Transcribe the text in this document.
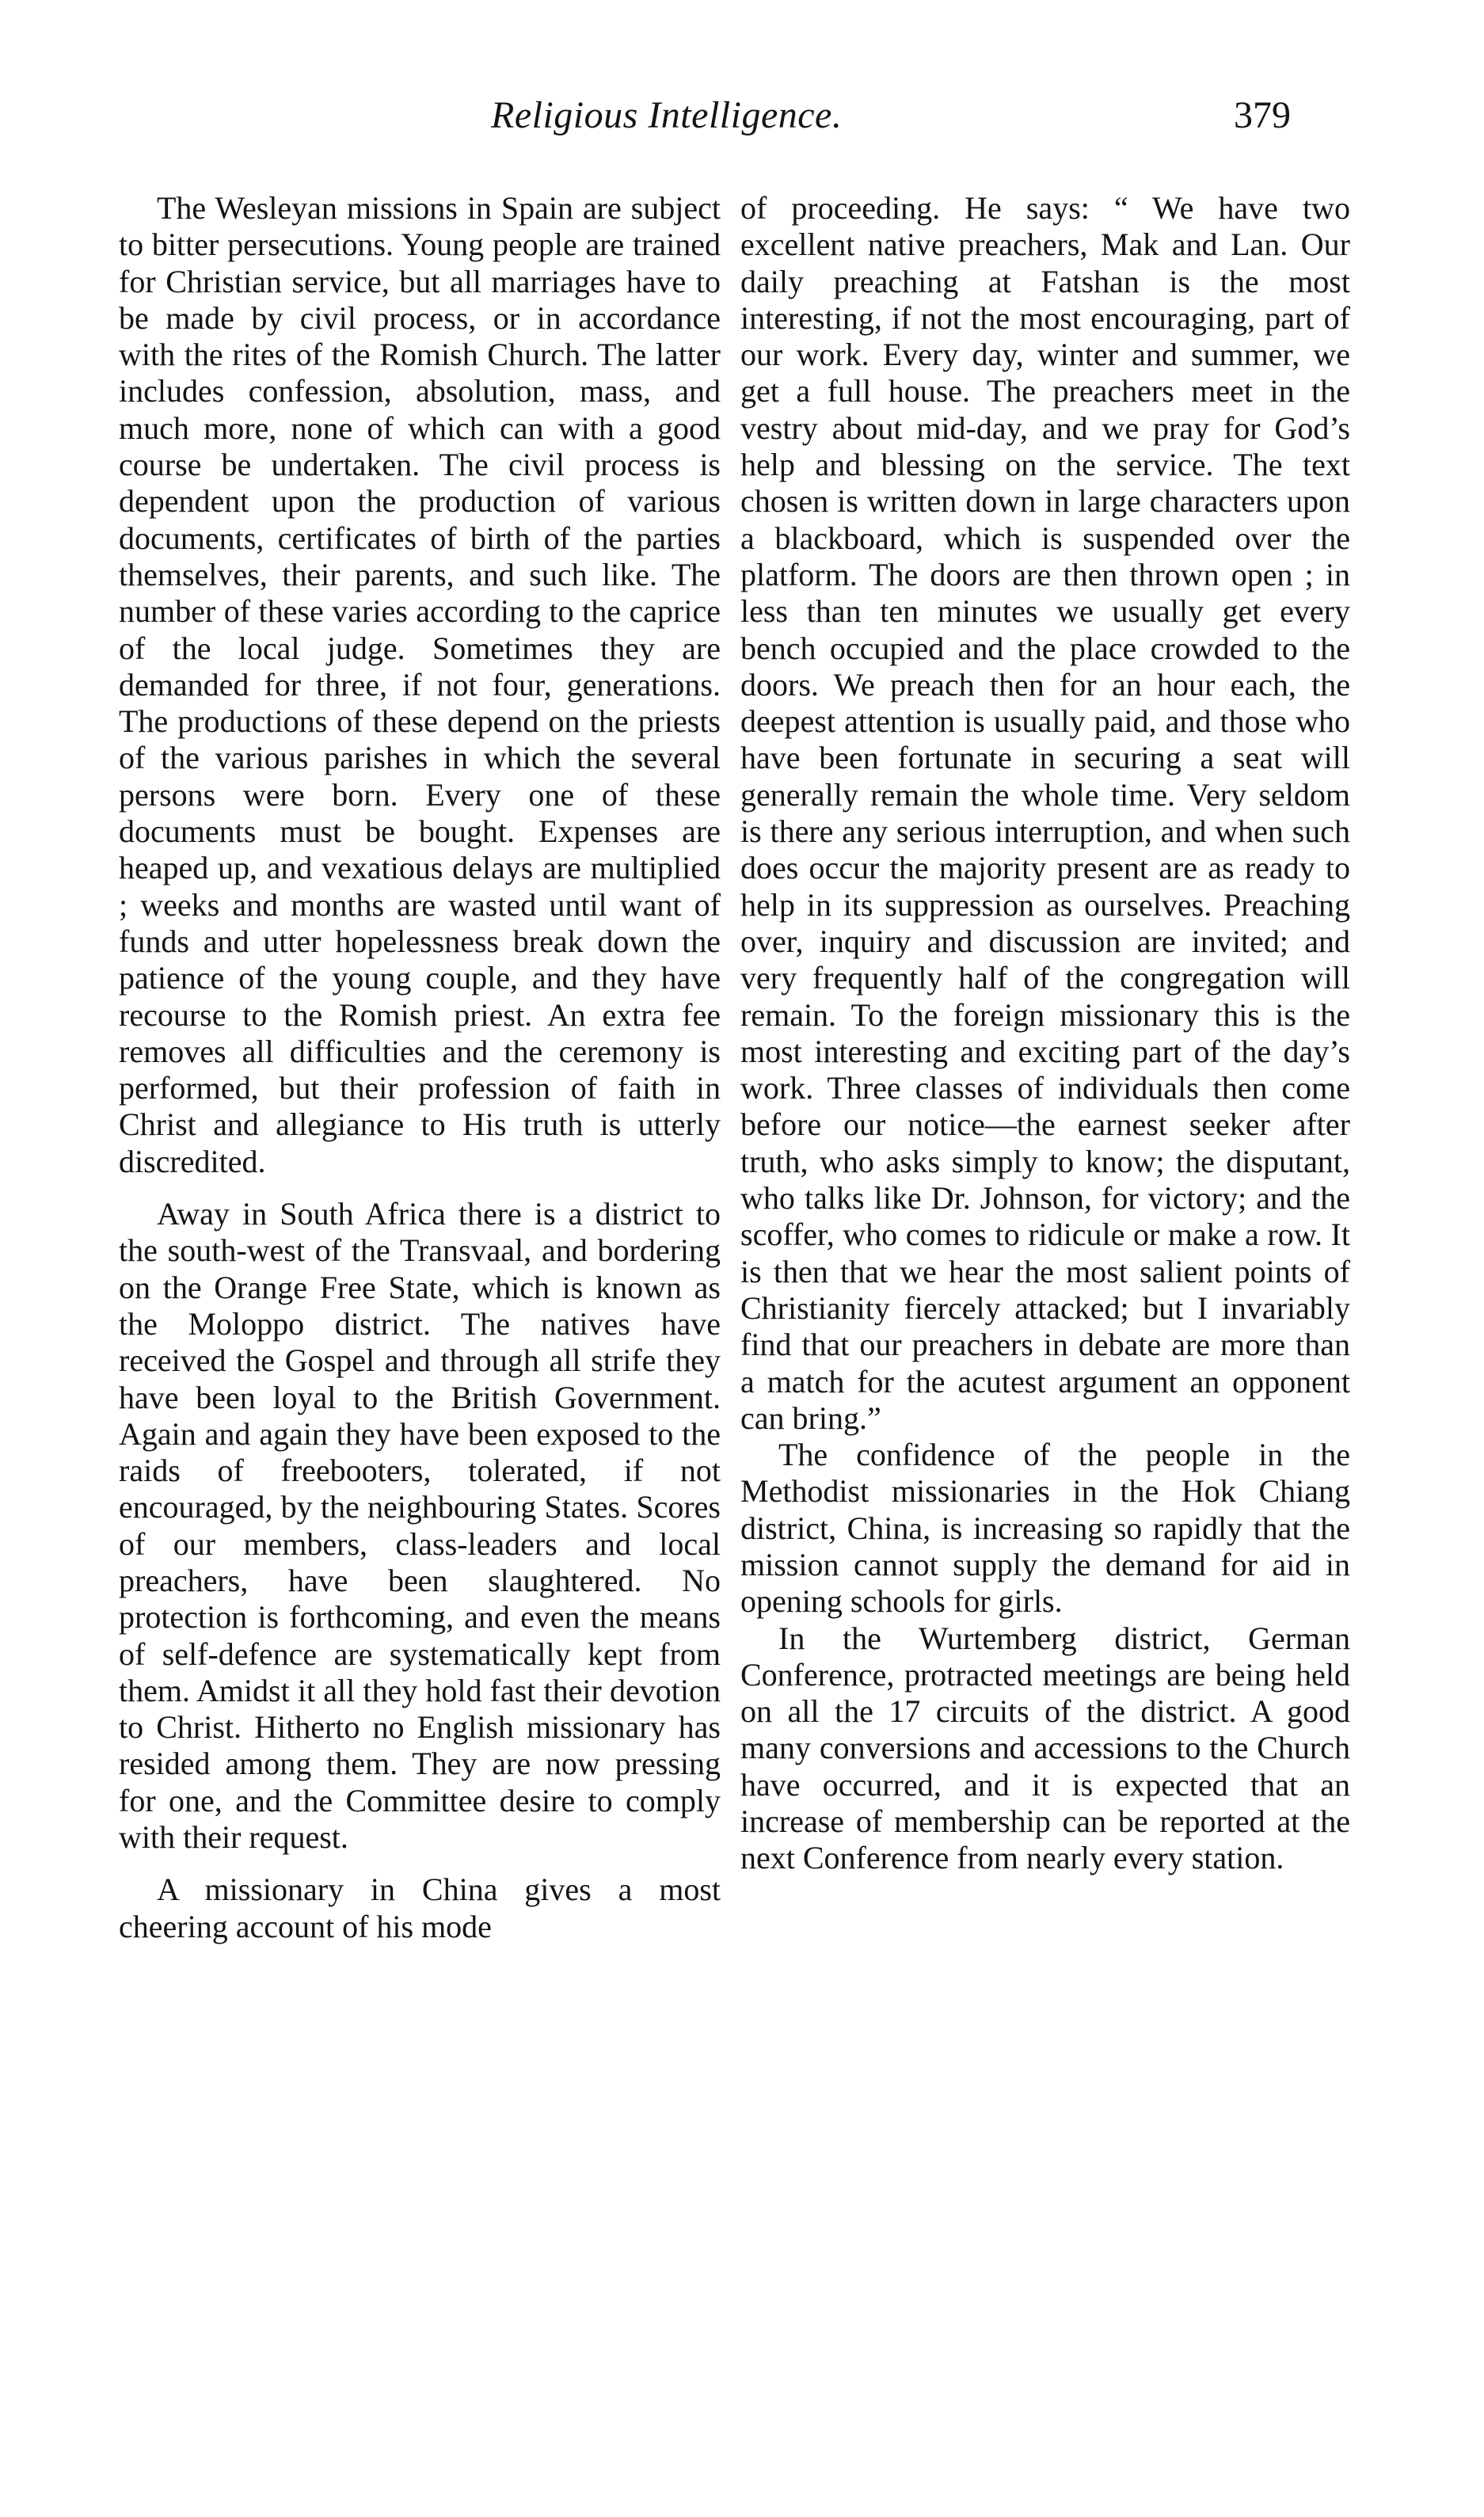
Religious Intelligence.	379

The Wesleyan missions in Spain are subject to bitter persecutions. Young people are trained for Christian service, but all marriages have to be made by civil process, or in accordance with the rites of the Romish Church. The latter includes confession, absolution, mass, and much more, none of which can with a good course be undertaken. The civil process is dependent upon the production of various documents, certificates of birth of the parties themselves, their parents, and such like. The number of these varies according to the caprice of the local judge. Sometimes they are demanded for three, if not four, generations. The productions of these depend on the priests of the various parishes in which the several persons were born. Every one of these documents must be bought. Expenses are heaped up, and vexatious delays are multiplied ; weeks and months are wasted until want of funds and utter hopelessness break down the patience of the young couple, and they have recourse to the Romish priest. An extra fee removes all difficulties and the ceremony is performed, but their profession of faith in Christ and allegiance to His truth is utterly discredited.

Away in South Africa there is a district to the south-west of the Transvaal, and bordering on the Orange Free State, which is known as the Moloppo district. The natives have received the Gospel and through all strife they have been loyal to the British Government. Again and again they have been exposed to the raids of freebooters, tolerated, if not encouraged, by the neighbouring States. Scores of our members, class-leaders and local preachers, have been slaughtered. No protection is forthcoming, and even the means of self-defence are systematically kept from them. Amidst it all they hold fast their devotion to Christ. Hitherto no English missionary has resided among them. They are now pressing for one, and the Committee desire to comply with their request.

A missionary in China gives a most cheering account of his mode

of proceeding. He says: “ We have two excellent native preachers, Mak and Lan. Our daily preaching at Fatshan is the most interesting, if not the most encouraging, part of our work. Every day, winter and summer, we get a full house. The preachers meet in the vestry about mid-day, and we pray for God’s help and blessing on the service. The text chosen is written down in large characters upon a blackboard, which is suspended over the platform. The doors are then thrown open ; in less than ten minutes we usually get every bench occupied and the place crowded to the doors. We preach then for an hour each, the deepest attention is usually paid, and those who have been fortunate in securing a seat will generally remain the whole time. Very seldom is there any serious interruption, and when such does occur the majority present are as ready to help in its suppression as ourselves. Preaching over, inquiry and discussion are invited; and very frequently half of the congregation will remain. To the foreign missionary this is the most interesting and exciting part of the day’s work. Three classes of individuals then come before our notice—the earnest seeker after truth, who asks simply to know; the disputant, who talks like Dr. Johnson, for victory; and the scoffer, who comes to ridicule or make a row. It is then that we hear the most salient points of Christianity fiercely attacked; but I invariably find that our preachers in debate are more than a match for the acutest argument an opponent can bring.”

The confidence of the people in the Methodist missionaries in the Hok Chiang district, China, is increasing so rapidly that the mission cannot supply the demand for aid in opening schools for girls.

In the Wurtemberg district, German Conference, protracted meetings are being held on all the 17 circuits of the district. A good many conversions and accessions to the Church have occurred, and it is expected that an increase of membership can be reported at the next Conference from nearly every station.
